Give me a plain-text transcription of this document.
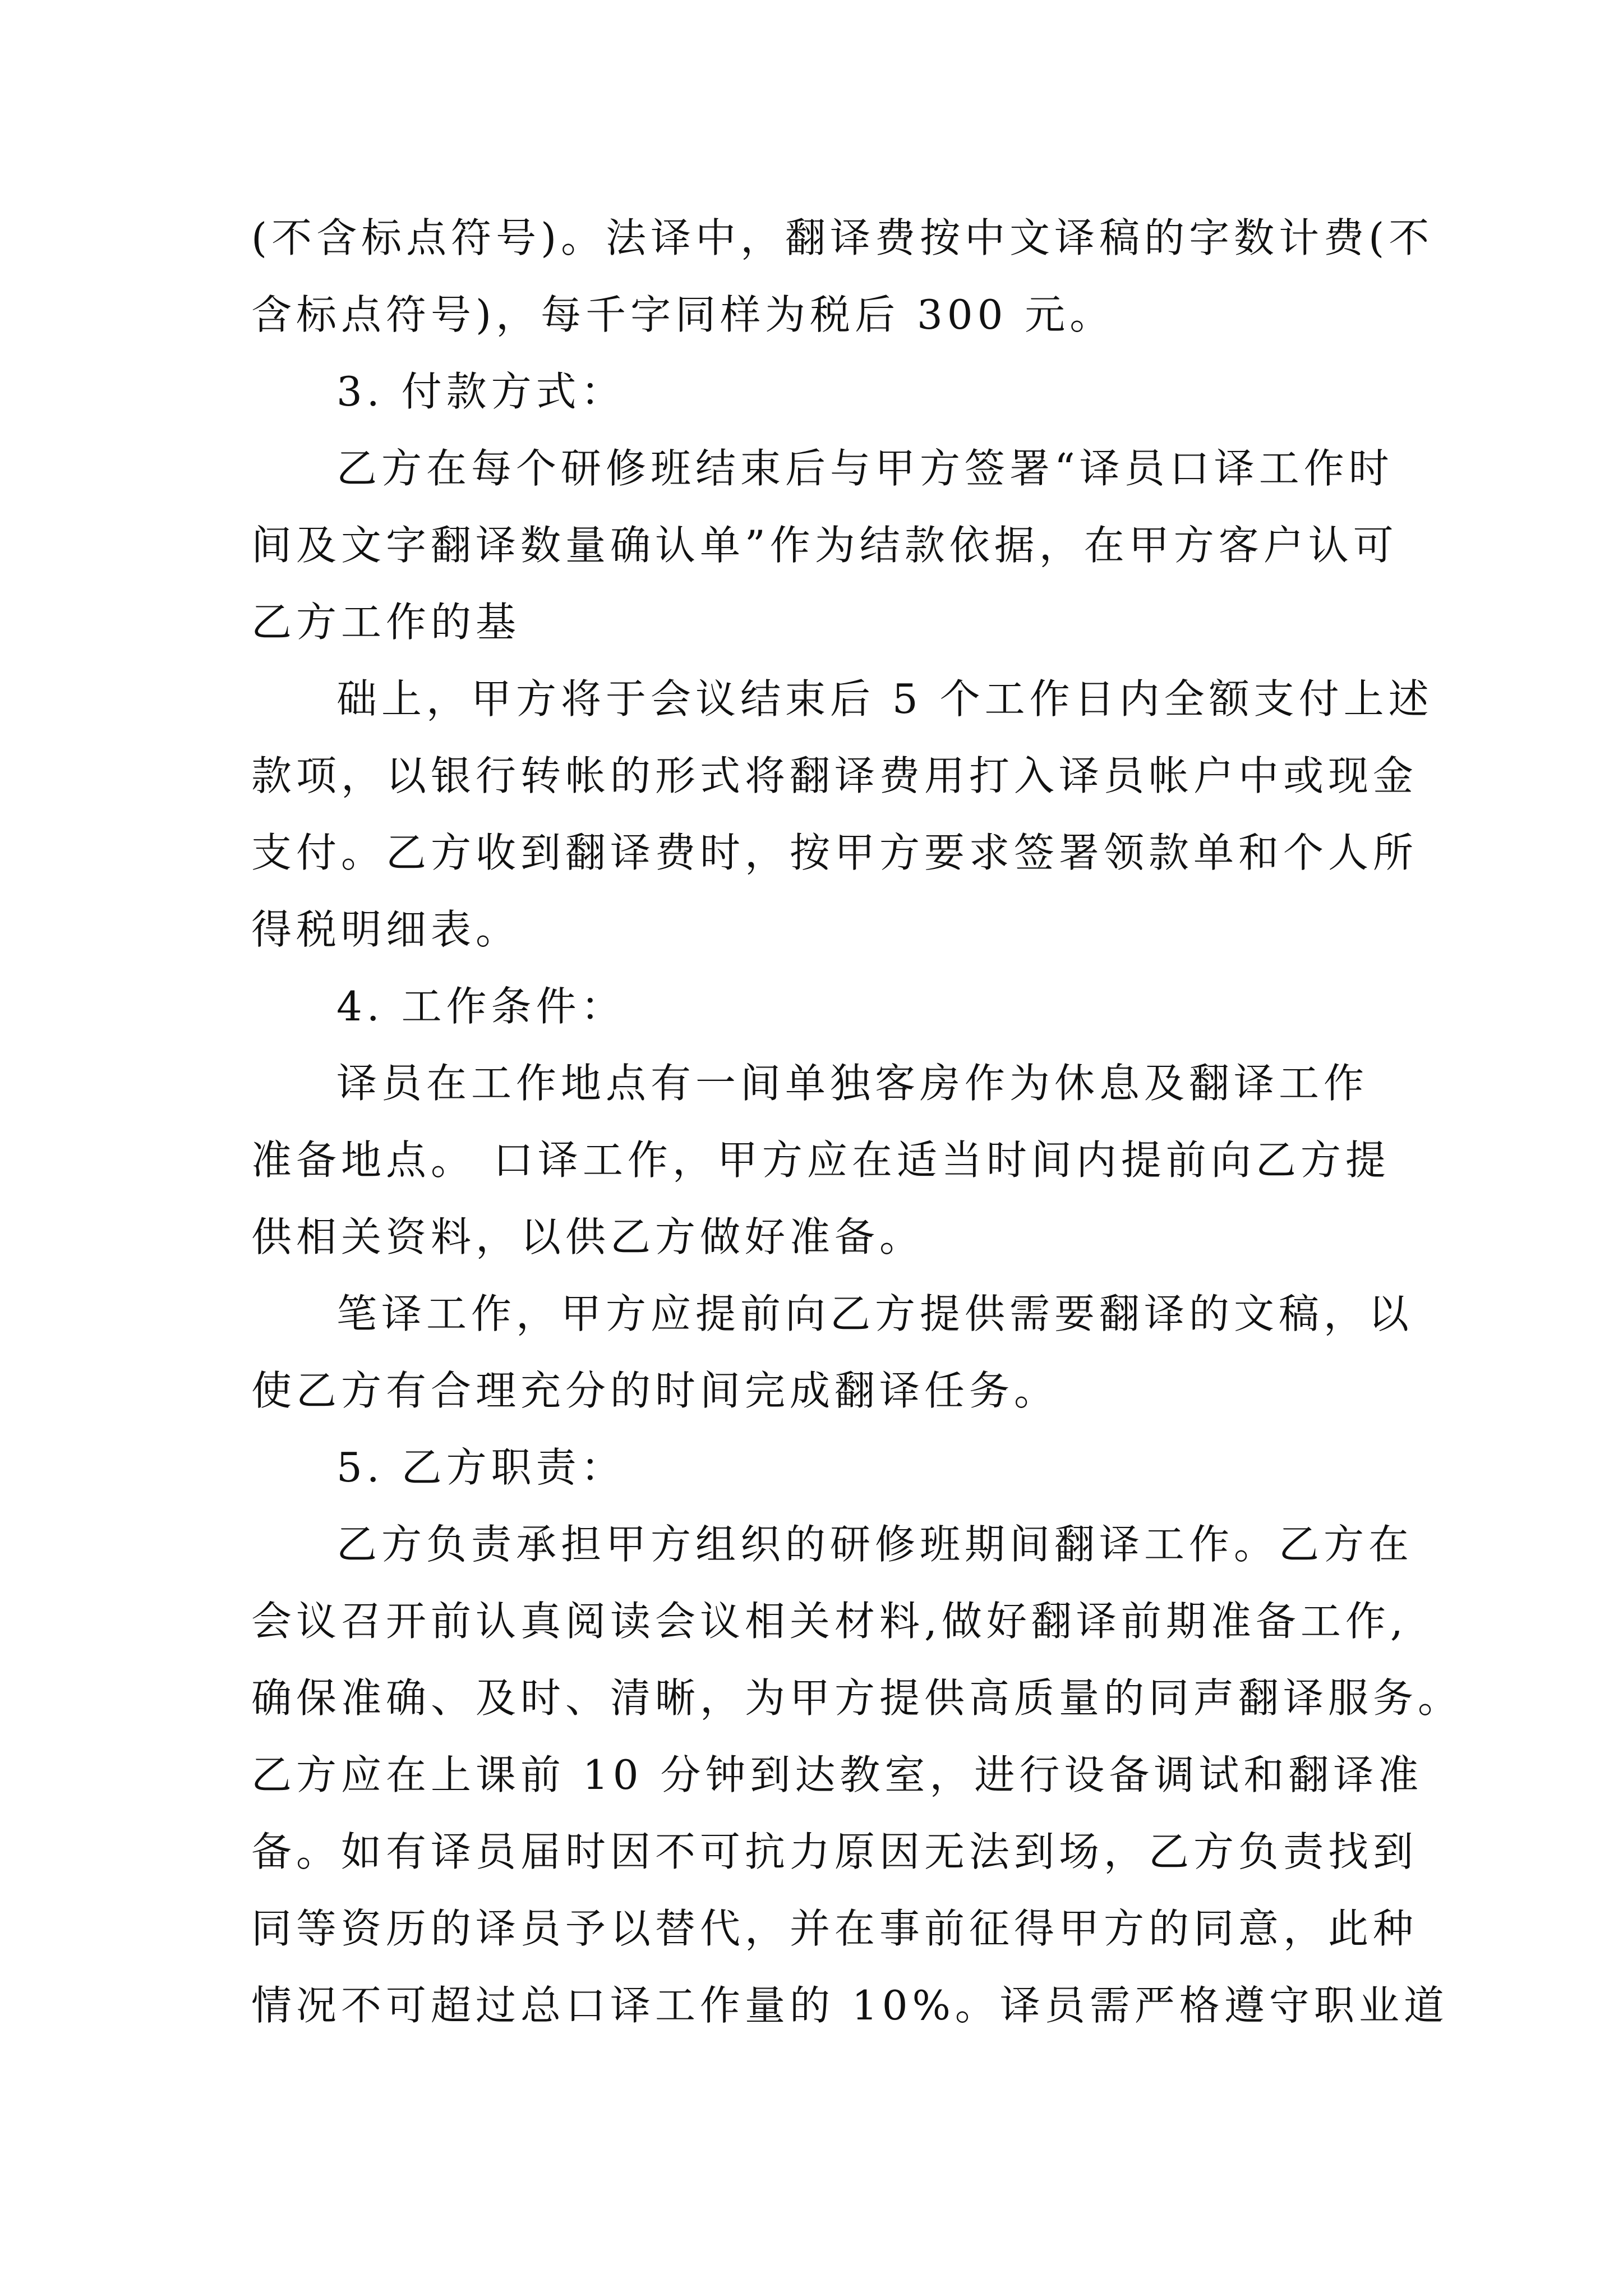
(不含标点符号)。法译中，翻译费按中文译稿的字数计费(不
含标点符号)，每千字同样为税后 300 元。
3. 付款方式：
乙方在每个研修班结束后与甲方签署“译员口译工作时
间及文字翻译数量确认单”作为结款依据，在甲方客户认可
乙方工作的基
础上，甲方将于会议结束后 5 个工作日内全额支付上述
款项，以银行转帐的形式将翻译费用打入译员帐户中或现金
支付。乙方收到翻译费时，按甲方要求签署领款单和个人所
得税明细表。
4. 工作条件：
译员在工作地点有一间单独客房作为休息及翻译工作
准备地点。 口译工作，甲方应在适当时间内提前向乙方提
供相关资料，以供乙方做好准备。
笔译工作，甲方应提前向乙方提供需要翻译的文稿，以
使乙方有合理充分的时间完成翻译任务。
5. 乙方职责：
乙方负责承担甲方组织的研修班期间翻译工作。乙方在
会议召开前认真阅读会议相关材料,做好翻译前期准备工作,
确保准确、及时、清晰，为甲方提供高质量的同声翻译服务。
乙方应在上课前 10 分钟到达教室，进行设备调试和翻译准
备。如有译员届时因不可抗力原因无法到场，乙方负责找到
同等资历的译员予以替代，并在事前征得甲方的同意，此种
情况不可超过总口译工作量的 10%。译员需严格遵守职业道
